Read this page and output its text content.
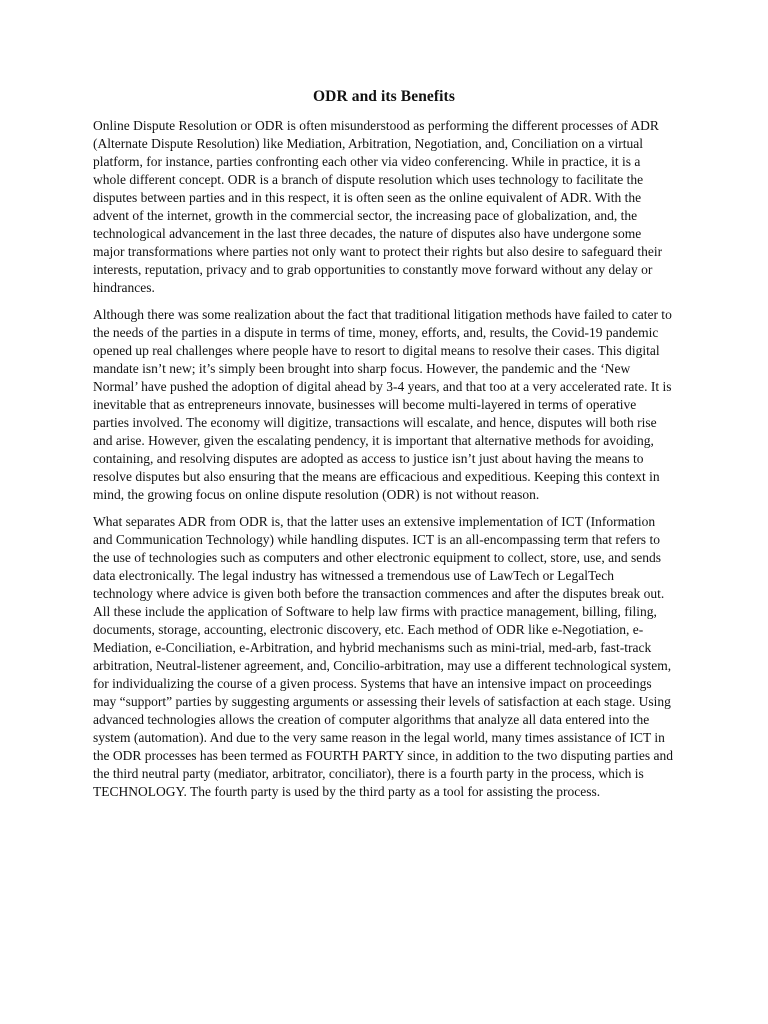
ODR and its Benefits

Online Dispute Resolution or ODR is often misunderstood as performing the different processes of ADR (Alternate Dispute Resolution) like Mediation, Arbitration, Negotiation, and, Conciliation on a virtual platform, for instance, parties confronting each other via video conferencing. While in practice, it is a whole different concept. ODR is a branch of dispute resolution which uses technology to facilitate the disputes between parties and in this respect, it is often seen as the online equivalent of ADR. With the advent of the internet, growth in the commercial sector, the increasing pace of globalization, and, the technological advancement in the last three decades, the nature of disputes also have undergone some major transformations where parties not only want to protect their rights but also desire to safeguard their interests, reputation, privacy and to grab opportunities to constantly move forward without any delay or hindrances.

Although there was some realization about the fact that traditional litigation methods have failed to cater to the needs of the parties in a dispute in terms of time, money, efforts, and, results, the Covid-19 pandemic opened up real challenges where people have to resort to digital means to resolve their cases. This digital mandate isn’t new; it’s simply been brought into sharp focus. However, the pandemic and the ‘New Normal’ have pushed the adoption of digital ahead by 3-4 years, and that too at a very accelerated rate. It is inevitable that as entrepreneurs innovate, businesses will become multi-layered in terms of operative parties involved. The economy will digitize, transactions will escalate, and hence, disputes will both rise and arise. However, given the escalating pendency, it is important that alternative methods for avoiding, containing, and resolving disputes are adopted as access to justice isn’t just about having the means to resolve disputes but also ensuring that the means are efficacious and expeditious. Keeping this context in mind, the growing focus on online dispute resolution (ODR) is not without reason.

What separates ADR from ODR is, that the latter uses an extensive implementation of ICT (Information and Communication Technology) while handling disputes. ICT is an all-encompassing term that refers to the use of technologies such as computers and other electronic equipment to collect, store, use, and sends data electronically. The legal industry has witnessed a tremendous use of LawTech or LegalTech technology where advice is given both before the transaction commences and after the disputes break out. All these include the application of Software to help law firms with practice management, billing, filing, documents, storage, accounting, electronic discovery, etc. Each method of ODR like e-Negotiation, e-Mediation, e-Conciliation, e-Arbitration, and hybrid mechanisms such as mini-trial, med-arb, fast-track arbitration, Neutral-listener agreement, and, Concilio-arbitration, may use a different technological system, for individualizing the course of a given process. Systems that have an intensive impact on proceedings may “support” parties by suggesting arguments or assessing their levels of satisfaction at each stage. Using advanced technologies allows the creation of computer algorithms that analyze all data entered into the system (automation). And due to the very same reason in the legal world, many times assistance of ICT in the ODR processes has been termed as FOURTH PARTY since, in addition to the two disputing parties and the third neutral party (mediator, arbitrator, conciliator), there is a fourth party in the process, which is TECHNOLOGY. The fourth party is used by the third party as a tool for assisting the process.
